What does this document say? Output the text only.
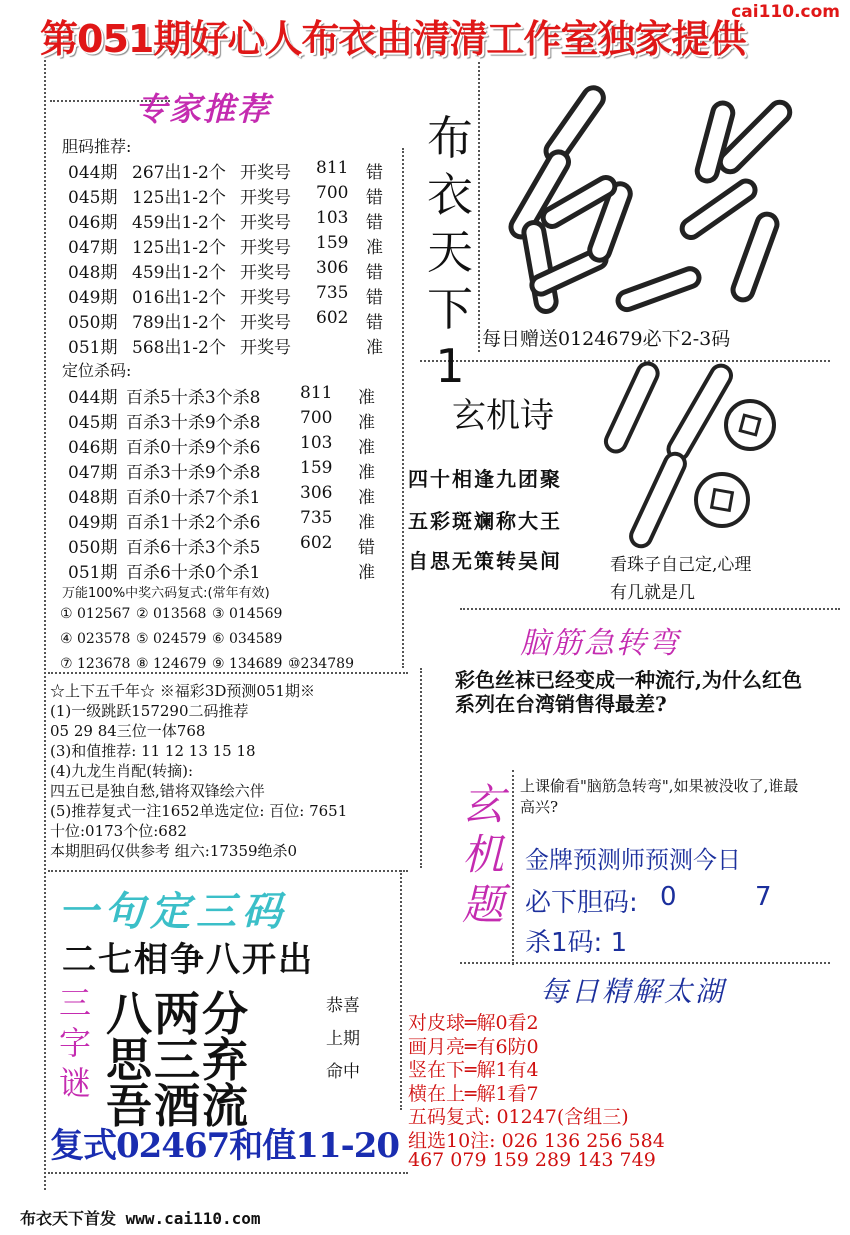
cai110.com
第051期好心人布衣由清清工作室独家提供
专家推荐
胆码推荐:
044期 267出1-2个 开奖号 811 错
045期 125出1-2个 开奖号 700 错
046期 459出1-2个 开奖号 103 错
047期 125出1-2个 开奖号 159 准
048期 459出1-2个 开奖号 306 错
049期 016出1-2个 开奖号 735 错
050期 789出1-2个 开奖号 602 错
051期 568出1-2个 开奖号	准
定位杀码:
044期 百杀5十杀3个杀8 811 准
045期 百杀3十杀9个杀8 700 准
046期 百杀0十杀9个杀6 103 准
047期 百杀3十杀9个杀8 159 准
048期 百杀0十杀7个杀1 306 准
049期 百杀1十杀2个杀6 735 准
050期 百杀6十杀3个杀5 602 错
051期 百杀6十杀0个杀1	准
万能100%中奖六码复式:(常年有效)
① 012567 ② 013568 ③ 014569
④ 023578 ⑤ 024579 ⑥ 034589
⑦ 123678 ⑧ 124679 ⑨ 134689 ⑩234789
☆上下五千年☆ ※福彩3D预测051期※
(1)一级跳跃157290二码推荐
05 29 84三位一体768
(3)和值推荐: 11 12 13 15 18
(4)九龙生肖配(转摘):
四五已是独自愁,错将双锋绘六伴
(5)推荐复式一注1652单选定位: 百位: 7651
十位:0173个位:682
本期胆码仅供参考 组六:17359绝杀0
布
衣
天
下
1 每日赠送0124679必下2-3码
玄机诗
四十相逢九团聚
五彩斑斓称大王
自思无策转吴间	看珠子自己定,心理
有几就是几
脑筋急转弯
彩色丝袜已经变成一种流行,为什么红色系列在台湾销售得最差?
玄
机
题
上课偷看"脑筋急转弯",如果被没收了,谁最高兴?
金牌预测师预测今日
必下胆码: 0	7
杀1码: 1
每日精解太湖
对皮球═解0看2
画月亮═有6防0
竖在下═解1有4
横在上═解1看7
五码复式: 01247(含组三)
组选10注: 026 136 256 584
467 079 159 289 143 749
一句定三码
二七相争八开出
三
字
谜
八两分
思三弃
吾酒流
恭喜
上期
命中
复式02467和值11-20
布衣天下首发 www.cai110.com
